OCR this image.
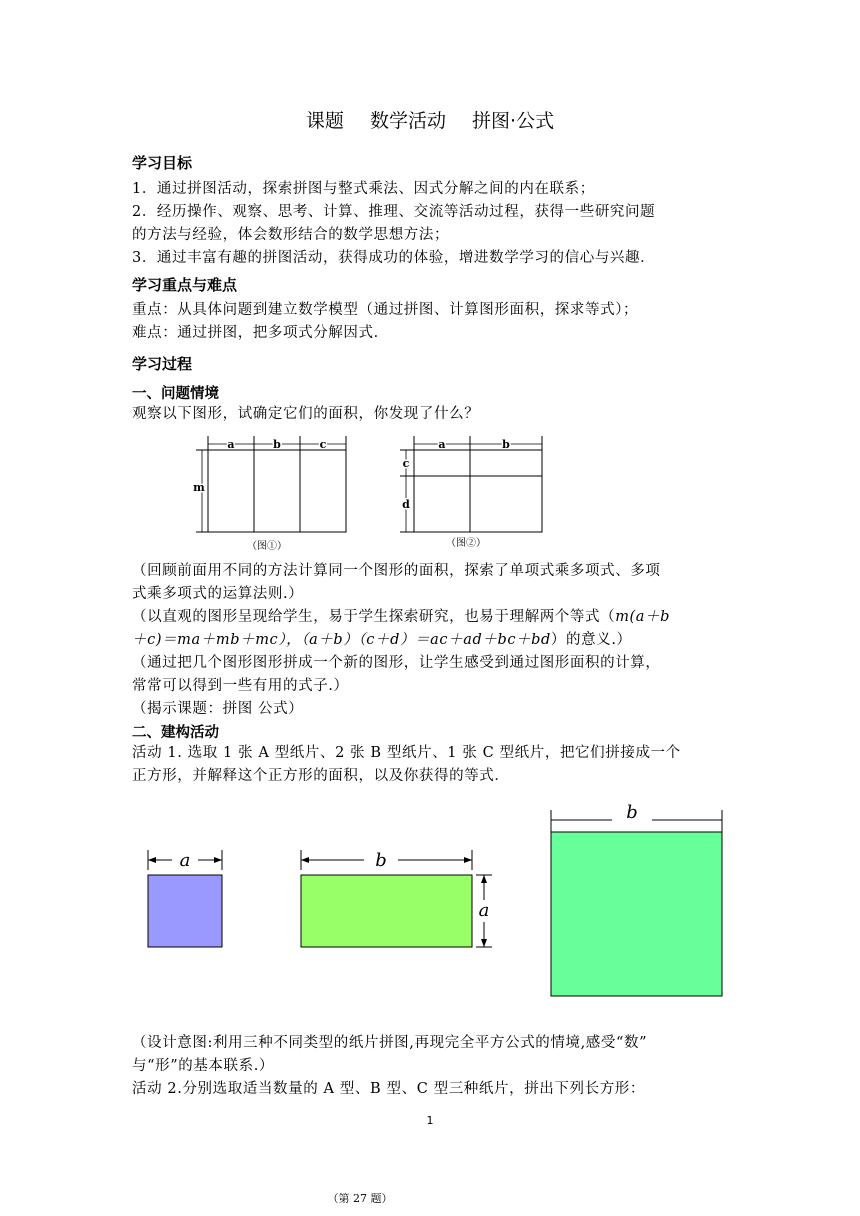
课题 数学活动 拼图·公式
学习目标
1．通过拼图活动，探索拼图与整式乘法、因式分解之间的内在联系；
2．经历操作、观察、思考、计算、推理、交流等活动过程，获得一些研究问题
的方法与经验，体会数形结合的数学思想方法；
3．通过丰富有趣的拼图活动，获得成功的体验，增进数学学习的信心与兴趣．
学习重点与难点
重点：从具体问题到建立数学模型（通过拼图、计算图形面积，探求等式）；
难点：通过拼图，把多项式分解因式．
学习过程
一、问题情境
观察以下图形，试确定它们的面积，你发现了什么？
a	b	c
m
（图①）
a	b
c
d
（图②）
（回顾前面用不同的方法计算同一个图形的面积，探索了单项式乘多项式、多项
式乘多项式的运算法则.）
（以直观的图形呈现给学生，易于学生探索研究，也易于理解两个等式（m(a＋b
＋c)＝ma＋mb＋mc），（a＋b）（c＋d）＝ac＋ad＋bc＋bd）的意义.）
（通过把几个图形图形拼成一个新的图形，让学生感受到通过图形面积的计算，
常常可以得到一些有用的式子.）
（揭示课题：拼图 公式）
二、建构活动
活动 1. 选取 1 张 A 型纸片、2 张 B 型纸片、1 张 C 型纸片，把它们拼接成一个
正方形，并解释这个正方形的面积，以及你获得的等式．
a	b
a
b
（设计意图:利用三种不同类型的纸片拼图,再现完全平方公式的情境,感受“数”
与“形”的基本联系.）
活动 2.分别选取适当数量的 A 型、B 型、C 型三种纸片，拼出下列长方形：
1
（第 27 题）
